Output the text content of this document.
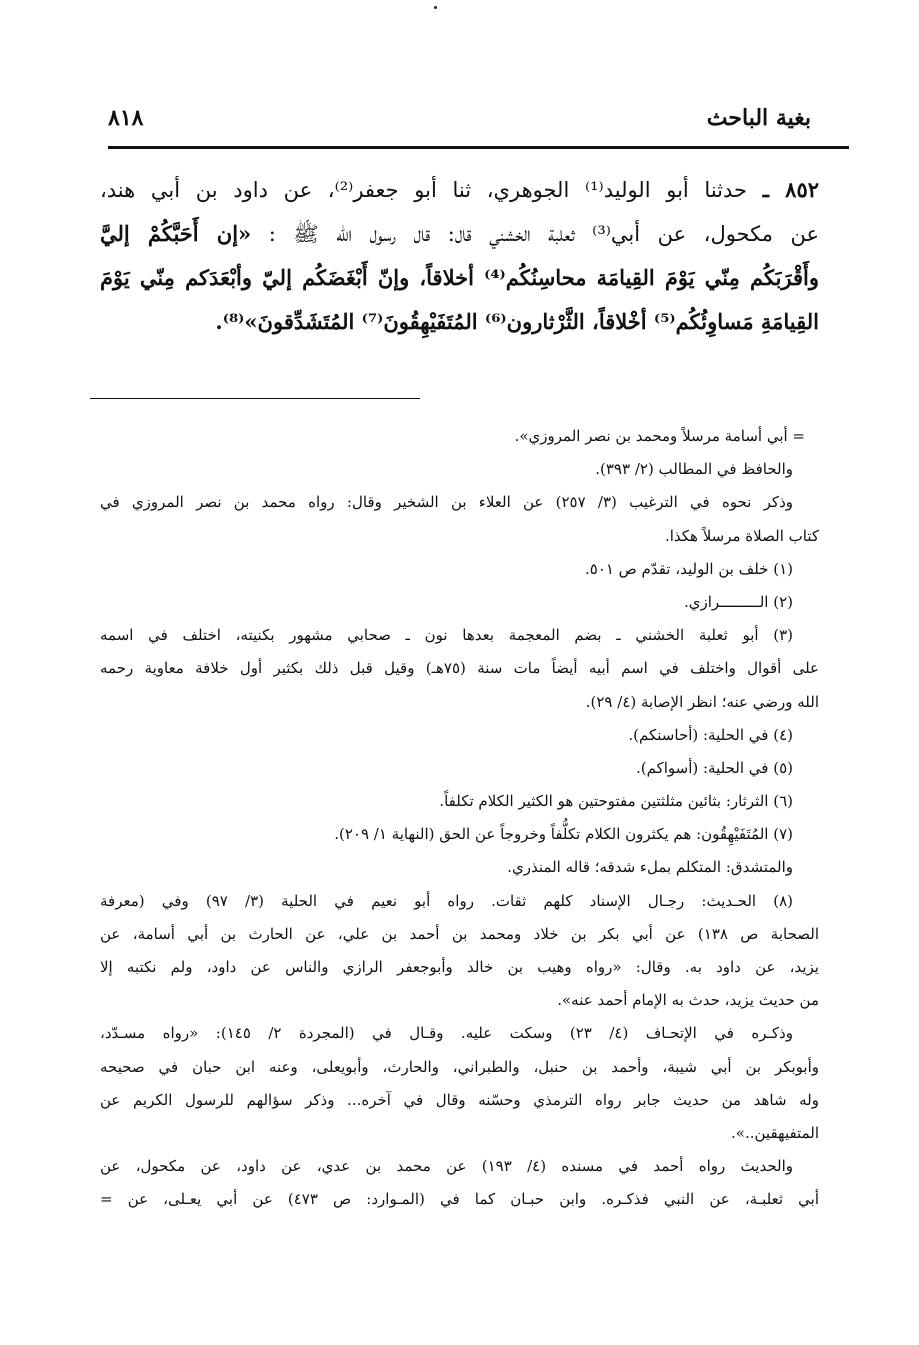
بغية الباحث
٨١٨
٨٥٢ ـ حدثنا أبو الوليد⁽¹⁾ الجوهري، ثنا أبو جعفر⁽²⁾، عن داود بن أبي هند،
عن مكحول، عن أبي⁽³⁾ ثعلبة الخشني قال: قال رسول الله ﷺ : «إن أَحَبَّكُمْ إليَّ
وأَقْرَبَكُم مِنّي يَوْمَ القِيامَة محاسِنُكُم⁽⁴⁾ أخلاقاً، وإنّ أَبْغَضَكُم إليّ وأبْعَدَكم مِنّي يَوْمَ
القِيامَةِ مَساوِئُكُم⁽⁵⁾ أخْلاقاً، الثَّرْثارون⁽⁶⁾ المُتَفَيْهِقُونَ⁽⁷⁾ المُتَشَدِّقونَ»⁽⁸⁾.
= أبي أسامة مرسلاً ومحمد بن نصر المروزي».
والحافظ في المطالب (٢/ ٣٩٣).
وذكر نحوه في الترغيب (٣/ ٢٥٧) عن العلاء بن الشخير وقال: رواه محمد بن نصر المروزي في
كتاب الصلاة مرسلاً هكذا.
(١) خلف بن الوليد، تقدّم ص ٥٠١.
(٢) الـــــــــرازي.
(٣) أبو ثعلبة الخشني ـ بضم المعجمة بعدها نون ـ صحابي مشهور بكنيته، اختلف في اسمه
على أقوال واختلف في اسم أبيه أيضاً مات سنة (٧٥هـ) وقيل قبل ذلك بكثير أول خلافة معاوية رحمه
الله ورضي عنه؛ انظر الإصابة (٤/ ٢٩).
(٤) في الحلية: (أحاسنكم).
(٥) في الحلية: (أسواكم).
(٦) الثرثار: بثائين مثلثتين مفتوحتين هو الكثير الكلام تكلفاً.
(٧) المُتَفَيْهِقُون: هم يكثرون الكلام تكلُّفاً وخروجاً عن الحق (النهاية ١/ ٢٠٩).
والمتشدق: المتكلم بملء شدقه؛ قاله المنذري.
(٨) الحـديث: رجـال الإسناد كلهم ثقات. رواه أبو نعيم في الحلية (٣/ ٩٧) وفي (معرفة
الصحابة ص ١٣٨) عن أبي بكر بن خلاد ومحمد بن أحمد بن علي، عن الحارث بن أبي أسامة، عن
يزيد، عن داود به. وقال: «رواه وهيب بن خالد وأبوجعفر الرازي والناس عن داود، ولم نكتبه إلا
من حديث يزيد، حدث به الإمام أحمد عنه».
وذكـره في الإتحـاف (٤/ ٢٣) وسكت عليه. وقـال في (المجردة ٢/ ١٤٥): «رواه مسـدّد،
وأبوبكر بن أبي شيبة، وأحمد بن حنبل، والطبراني، والحارث، وأبويعلى، وعنه ابن حبان في صحيحه
وله شاهد من حديث جابر رواه الترمذي وحسّنه وقال في آخره... وذكر سؤالهم للرسول الكريم عن
المتفيهقين..».
والحديث رواه أحمد في مسنده (٤/ ١٩٣) عن محمد بن عدي، عن داود، عن مكحول، عن
أبي ثعلبـة، عن النبي فذكـره. وابن حبـان كما في (المـوارد: ص ٤٧٣) عن أبي يعـلى، عن =
